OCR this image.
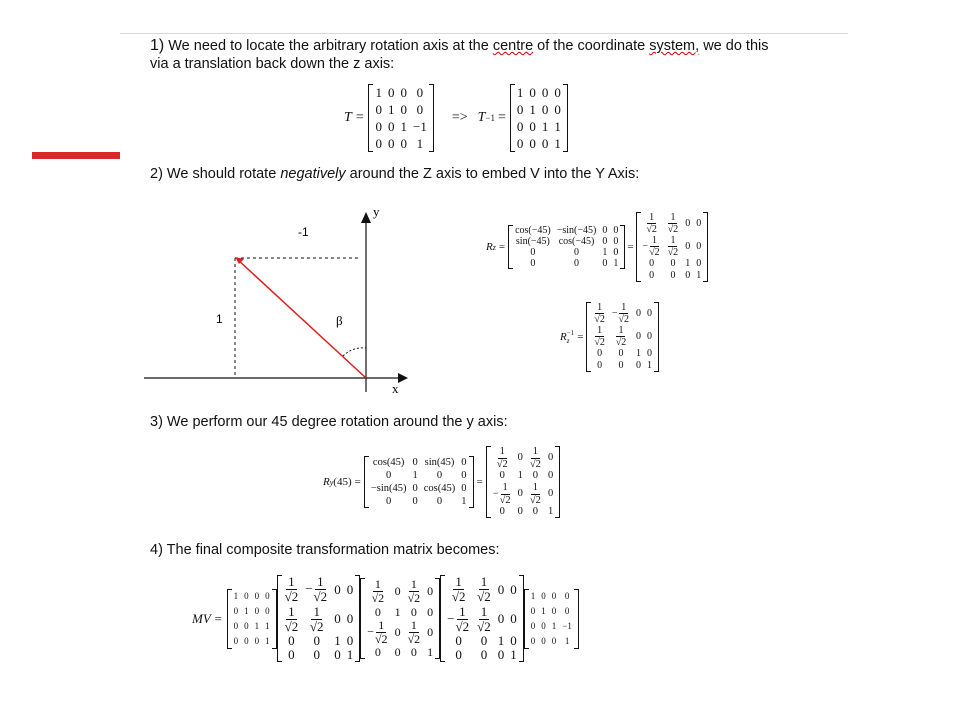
1) We need to locate the arbitrary rotation axis at the centre of the coordinate system, we do this
via a translation back down the z axis:
T =
1	0	0	0
0	1	0	0
0	0	1	−1
0	0	0	1
=> T −1 =
1	0	0	0
0	1	0	0
0	0	1	1
0	0	0	1
2) We should rotate negatively around the Z axis to embed V into the Y Axis:
y
x
-1
1	β
R z =
cos(−45)	−sin(−45)	0	0
sin(−45)	cos(−45)	0	0
0	0	1	0
0	0	0	1
=
$\frac{1}{√2}$	$\frac{1}{√2}$	0	0
− $\frac{1}{√2}$	$\frac{1}{√2}$	0	0
0	0	1	0
0	0	0	1
R −1
z =
$\frac{1}{√2}$	− $\frac{1}{√2}$	0	0

$\frac{1}{√2}$	$\frac{1}{√2}$	0	0
0	0	1	0
0	0	0	1
3) We perform our 45 degree rotation around the y axis:
R y (45) =
cos(45)	0	sin(45)	0
0	1	0	0
−sin(45)	0	cos(45)	0
0	0	0	1
=
$\frac{1}{√2}$	0	$\frac{1}{√2}$	0
0	1	0	0
− $\frac{1}{√2}$	0	$\frac{1}{√2}$	0
0	0	0	1
4) The final composite transformation matrix becomes:
MV =
1	0	0	0
0	1	0	0
0	0	1	1
0	0	0	1
$\frac{1}{√2}$	− $\frac{1}{√2}$	0	0

$\frac{1}{√2}$	$\frac{1}{√2}$	0	0
0	0	1	0
0	0	0	1
$\frac{1}{√2}$	0	$\frac{1}{√2}$	0
0	1	0	0
− $\frac{1}{√2}$	0	$\frac{1}{√2}$	0
0	0	0	1
$\frac{1}{√2}$	$\frac{1}{√2}$	0	0
− $\frac{1}{√2}$	$\frac{1}{√2}$	0	0
0	0	1	0
0	0	0	1
1	0	0	0
0	1	0	0
0	0	1	−1
0	0	0	1
